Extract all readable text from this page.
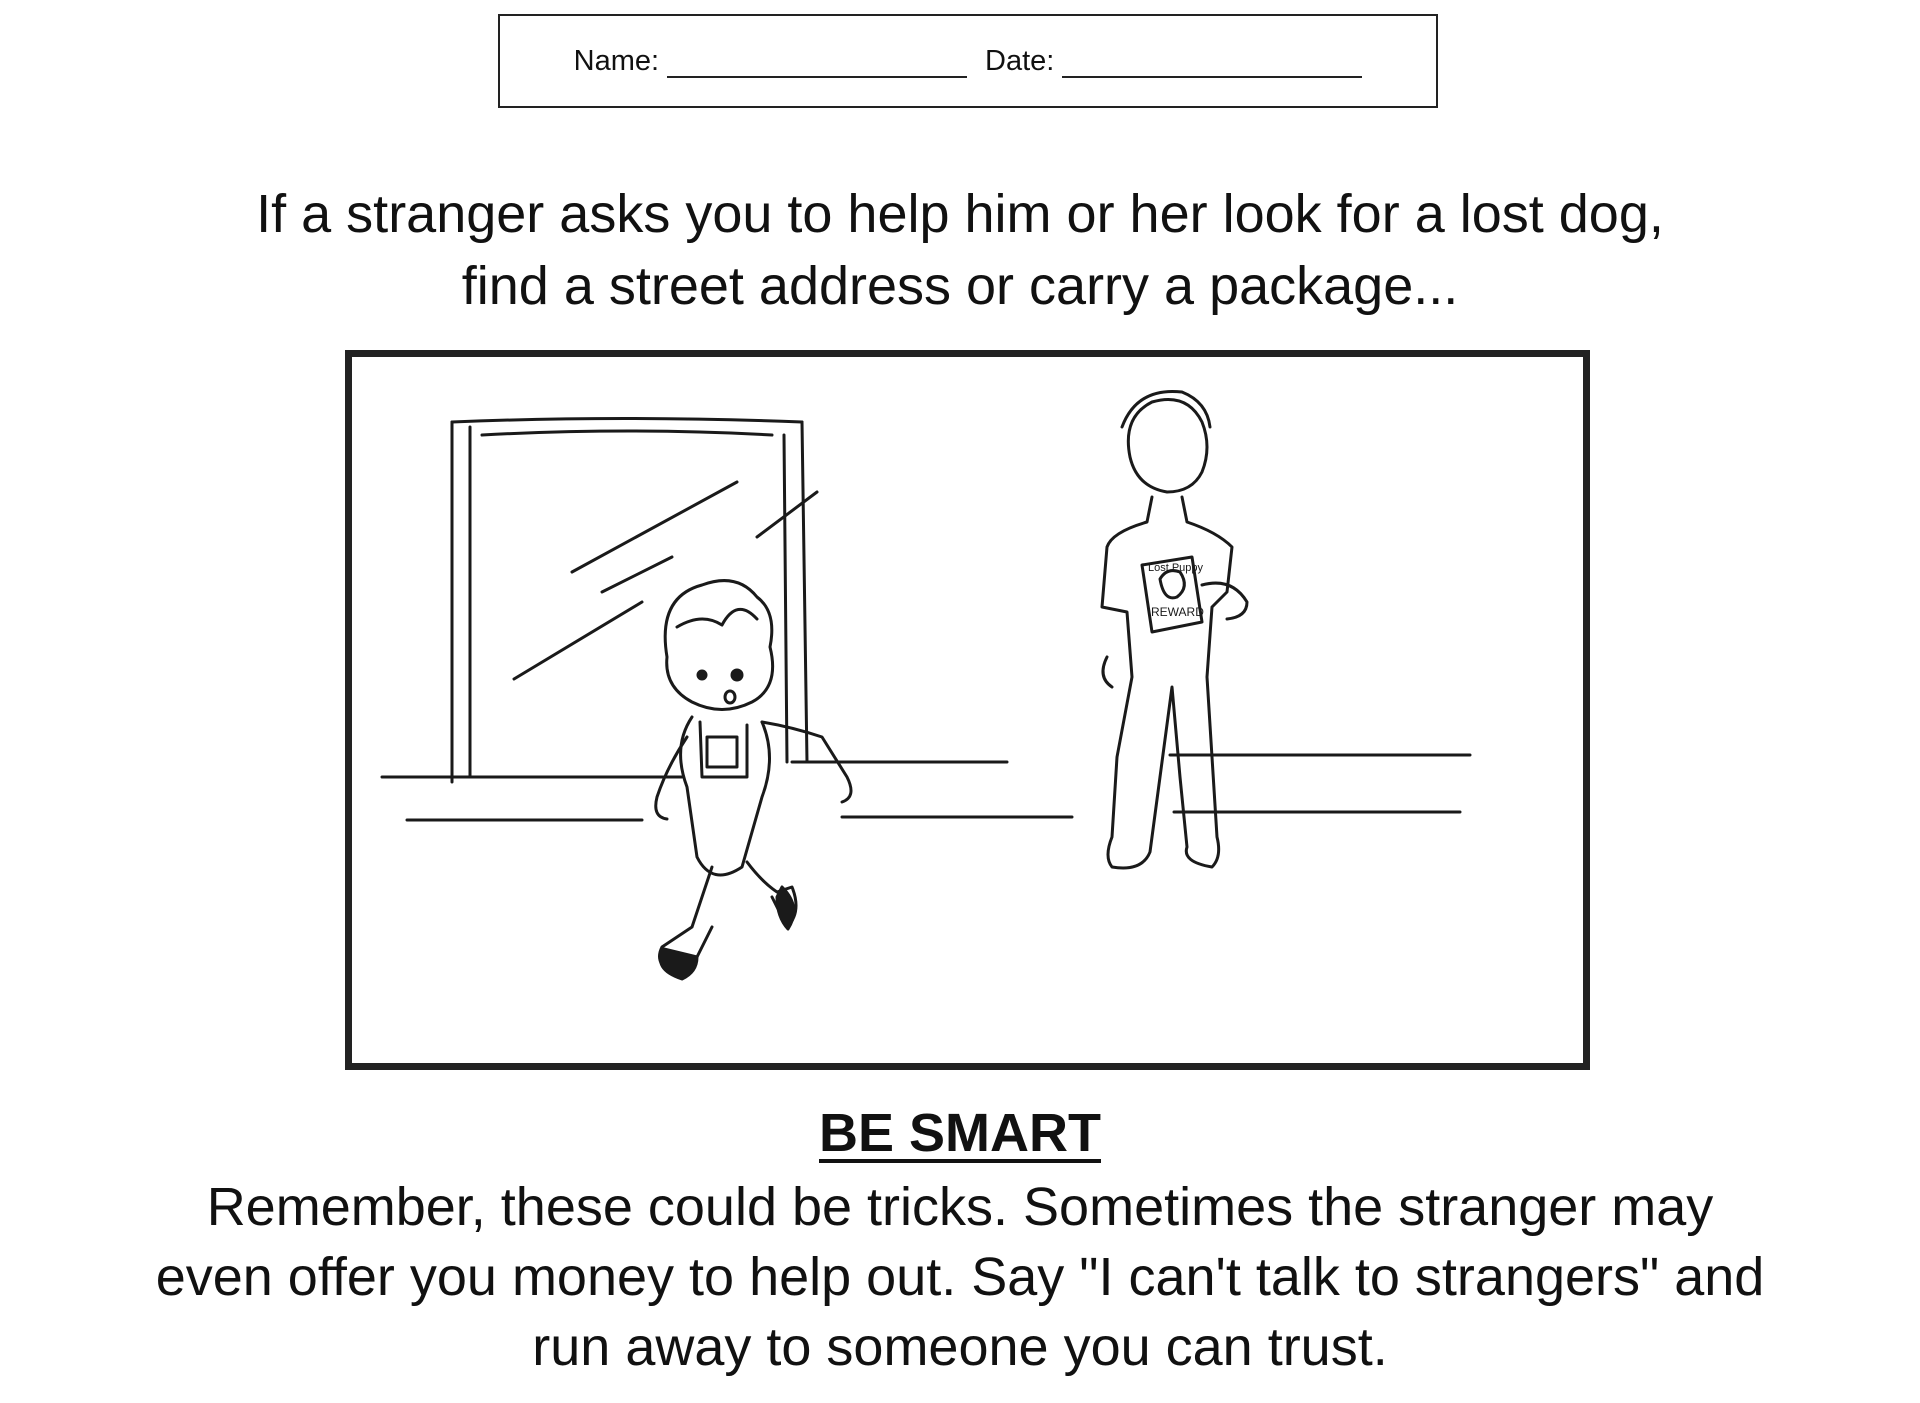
Name:	Date:
If a stranger asks you to help him or her look for a lost dog,
find a street address or carry a package...
Lost Puppy
REWARD
BE SMART
Remember, these could be tricks. Sometimes the stranger may
even offer you money to help out. Say "I can't talk to strangers" and
run away to someone you can trust.
